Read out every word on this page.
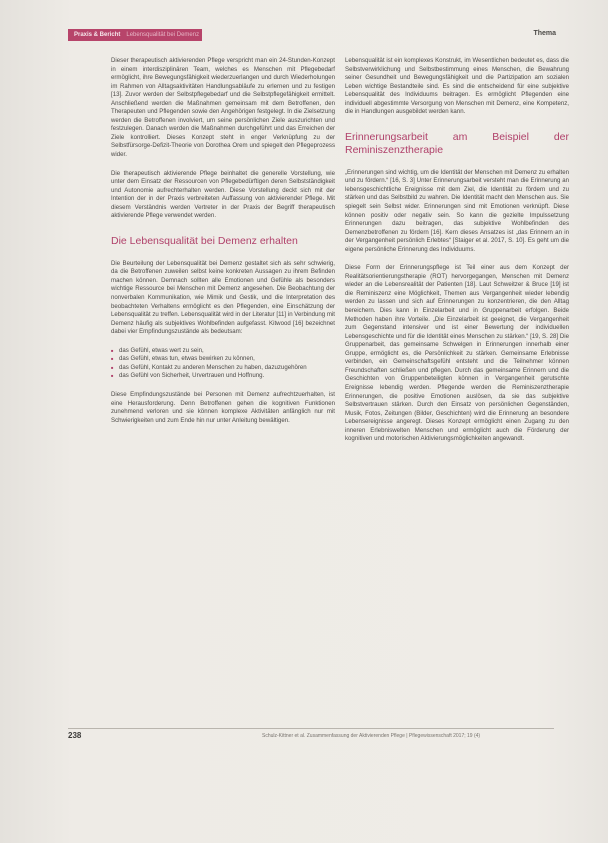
Praxis & Bericht	Lebensqualität bei Demenz	Thema

Dieser therapeutisch aktivierenden Pflege verspricht man ein 24-Stunden-Konzept in einem interdisziplinären Team, welches es Menschen mit Pflegebedarf ermöglicht, ihre Bewegungsfähigkeit wiederzuerlangen und durch Wiederholungen im Rahmen von Alltagsaktivitäten Handlungsabläufe zu erlernen und zu festigen [13]. Zuvor werden der Selbstpflegebedarf und die Selbstpflegefähigkeit ermittelt. Anschließend werden die Maßnahmen gemeinsam mit dem Betroffenen, den Therapeuten und Pflegenden sowie den Angehörigen festgelegt. In die Zielsetzung werden die Betroffenen involviert, um seine persönlichen Ziele auszurichten und festzulegen. Danach werden die Maßnahmen durchgeführt und das Erreichen der Ziele kontrolliert. Dieses Konzept steht in enger Verknüpfung zu der Selbstfürsorge-Defizit-Theorie von Dorothea Orem und spiegelt den Pflegeprozess wider.

Die therapeutisch aktivierende Pflege beinhaltet die generelle Vorstellung, wie unter dem Einsatz der Ressourcen von Pflegebedürftigen deren Selbstständigkeit und Autonomie aufrechterhalten werden. Diese Vorstellung deckt sich mit der Intention der in der Praxis verbreiteten Auffassung von aktivierender Pflege. Mit diesem Verständnis werden Vertreter in der Praxis der Begriff therapeutisch aktivierende Pflege verwendet werden.

Die Lebensqualität bei Demenz erhalten

Die Beurteilung der Lebensqualität bei Demenz gestaltet sich als sehr schwierig, da die Betroffenen zuweilen selbst keine konkreten Aussagen zu ihrem Befinden machen können. Demnach sollten alle Emotionen und Gefühle als besonders wichtige Ressource bei Menschen mit Demenz angesehen. Die Beobachtung der nonverbalen Kommunikation, wie Mimik und Gestik, und die Interpretation des beobachteten Verhaltens ermöglicht es den Pflegenden, eine Einschätzung der Lebensqualität zu treffen. Lebensqualität wird in der Literatur [11] in Verbindung mit Demenz häufig als subjektives Wohlbefinden aufgefasst. Kitwood [16] bezeichnet dabei vier Empfindungszustände als bedeutsam:

■ das Gefühl, etwas wert zu sein,
■ das Gefühl, etwas tun, etwas bewirken zu können,
■ das Gefühl, Kontakt zu anderen Menschen zu haben, dazuzugehören
■ das Gefühl von Sicherheit, Urvertrauen und Hoffnung.

Diese Empfindungszustände bei Personen mit Demenz aufrechtzuerhalten, ist eine Herausforderung. Denn Betroffenen gehen die kognitiven Funktionen zunehmend verloren und sie können komplexe Aktivitäten anfänglich nur mit Schwierigkeiten und zum Ende hin nur unter Anleitung bewältigen.

Lebensqualität ist ein komplexes Konstrukt, im Wesentlichen bedeutet es, dass die Selbstverwirklichung und Selbstbestimmung eines Menschen, die Bewahrung seiner Gesundheit und Bewegungsfähigkeit und die Partizipation am sozialen Leben wichtige Bestandteile sind. Es sind die entscheidend für eine subjektive Lebensqualität des Individuums beitragen. Es ermöglicht Pflegenden eine individuell abgestimmte Versorgung von Menschen mit Demenz, eine Kompetenz, die in Handlungen ausgebildet werden kann.

Erinnerungsarbeit am Beispiel der Reminiszenztherapie

„Erinnerungen sind wichtig, um die Identität der Menschen mit Demenz zu erhalten und zu fördern.“ [16, S. 3] Unter Erinnerungsarbeit versteht man die Erinnerung an lebensgeschichtliche Ereignisse mit dem Ziel, die Identität zu fördern und zu stärken und das Selbstbild zu wahren. Die Identität macht den Menschen aus. Sie spiegelt sein Selbst wider. Erinnerungen sind mit Emotionen verknüpft. Diese können positiv oder negativ sein. So kann die gezielte Impulssetzung Erinnerungen dazu beitragen, das subjektive Wohlbefinden des Demenzbetroffenen zu fördern [16]. Kern dieses Ansatzes ist „das Erinnern an in der Vergangenheit persönlich Erlebtes“ [Staiger et al. 2017, S. 10]. Es geht um die eigene persönliche Erinnerung des Individuums.

Diese Form der Erinnerungspflege ist Teil einer aus dem Konzept der Realitätsorientierungstherapie (ROT) hervorgegangen, Menschen mit Demenz wieder an die Lebensrealität der Patienten [18]. Laut Schweitzer & Bruce [19] ist die Reminiszenz eine Möglichkeit, Themen aus Vergangenheit wieder lebendig werden zu lassen und sich auf Erinnerungen zu konzentrieren, die den Alltag bereichern. Dies kann in Einzelarbeit und in Gruppenarbeit erfolgen. Beide Methoden haben ihre Vorteile. „Die Einzelarbeit ist geeignet, die Vergangenheit zum Gegenstand intensiver und ist einer Bewertung der individuellen Lebensgeschichte und für die Identität eines Menschen zu stärken.“ [19, S. 28] Die Gruppenarbeit, das gemeinsame Schwelgen in Erinnerungen innerhalb einer Gruppe, ermöglicht es, die Persönlichkeit zu stärken. Gemeinsame Erlebnisse verbinden, ein Gemeinschaftsgefühl entsteht und die Teilnehmer können Freundschaften schließen und pflegen. Durch das gemeinsame Erinnern und die Geschichten von Gruppenbeteiligten können in Vergangenheit gerutschte Ereignisse lebendig werden. Pflegende werden die Reminiszenztherapie Erinnerungen, die positive Emotionen auslösen, da sie das subjektive Selbstvertrauen stärken. Durch den Einsatz von persönlichen Gegenständen, Musik, Fotos, Zeitungen (Bilder, Geschichten) wird die Erinnerung an besondere Lebensereignisse angeregt. Dieses Konzept ermöglicht einen Zugang zu den inneren Erlebniswelten Menschen und ermöglicht auch die Förderung der kognitiven und motorischen Aktivierungsmöglichkeiten angewandt.

238	Schulz-Kittner et al. Zusammenfassung der Aktivierenden Pflege | Pflegewissenschaft 2017; 19 (4)
